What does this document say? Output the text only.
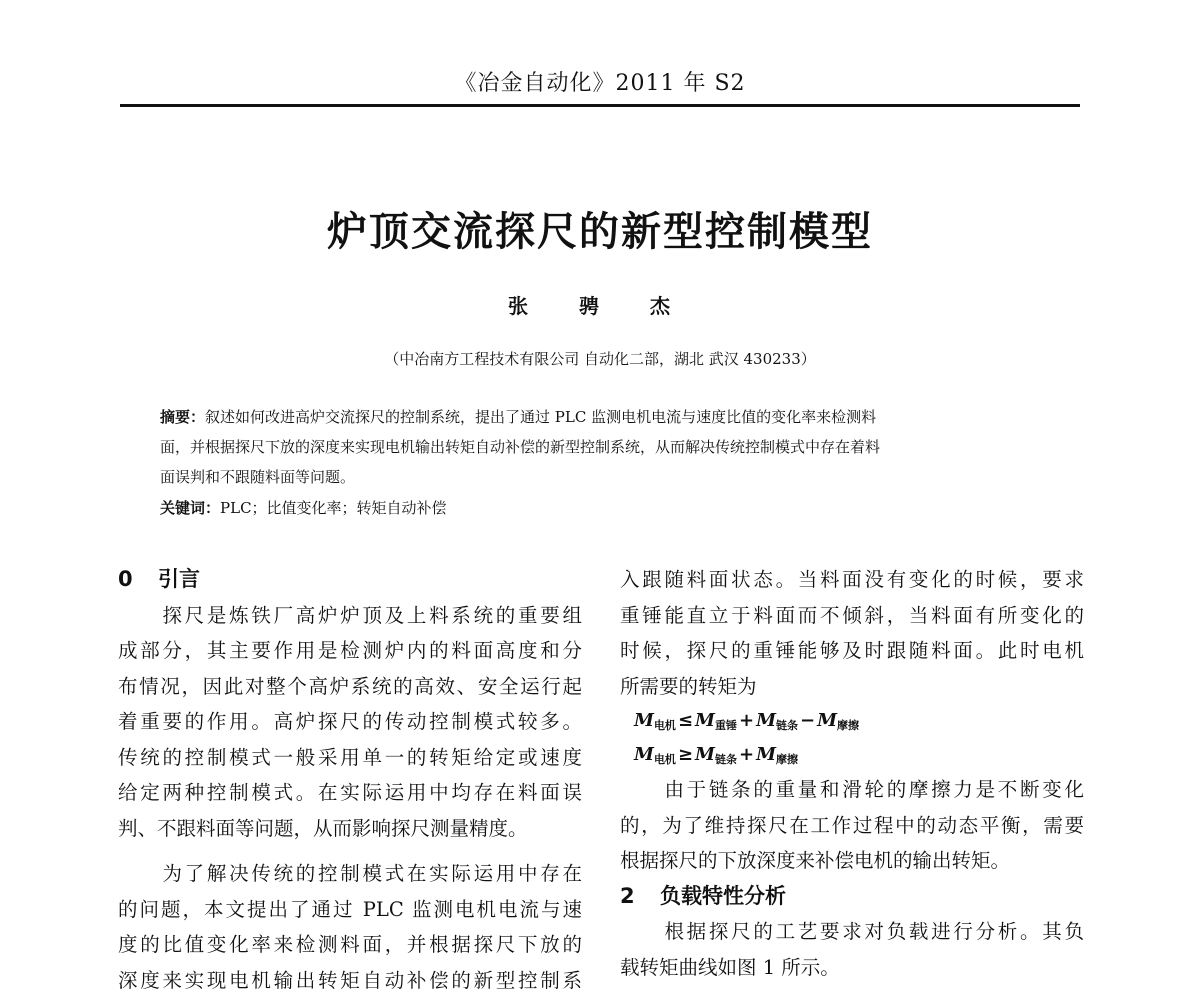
《冶金自动化》2011 年 S2
炉顶交流探尺的新型控制模型
张 骋 杰
（中冶南方工程技术有限公司 自动化二部，湖北 武汉 430233）
摘要：叙述如何改进高炉交流探尺的控制系统，提出了通过 PLC 监测电机电流与速度比值的变化率来检测料
面，并根据探尺下放的深度来实现电机输出转矩自动补偿的新型控制系统，从而解决传统控制模式中存在着料
面误判和不跟随料面等问题。
关键词：PLC；比值变化率；转矩自动补偿
0 引言
　　探尺是炼铁厂高炉炉顶及上料系统的重要组
成部分，其主要作用是检测炉内的料面高度和分
布情况，因此对整个高炉系统的高效、安全运行起
着重要的作用。高炉探尺的传动控制模式较多。
传统的控制模式一般采用单一的转矩给定或速度
给定两种控制模式。在实际运用中均存在料面误
判、不跟料面等问题，从而影响探尺测量精度。
　　为了解决传统的控制模式在实际运用中存在
的问题，本文提出了通过 PLC 监测电机电流与速
度的比值变化率来检测料面，并根据探尺下放的
深度来实现电机输出转矩自动补偿的新型控制系
入跟随料面状态。当料面没有变化的时候，要求
重锤能直立于料面而不倾斜，当料面有所变化的
时候，探尺的重锤能够及时跟随料面。此时电机
所需要的转矩为
$M_{电机} \le M_{重锤} + M_{链条} - M_{摩擦}$
$M_{电机} \ge M_{链条} + M_{摩擦}$
　　由于链条的重量和滑轮的摩擦力是不断变化
的，为了维持探尺在工作过程中的动态平衡，需要
根据探尺的下放深度来补偿电机的输出转矩。
2 负载特性分析
　　根据探尺的工艺要求对负载进行分析。其负
载转矩曲线如图 1 所示。
